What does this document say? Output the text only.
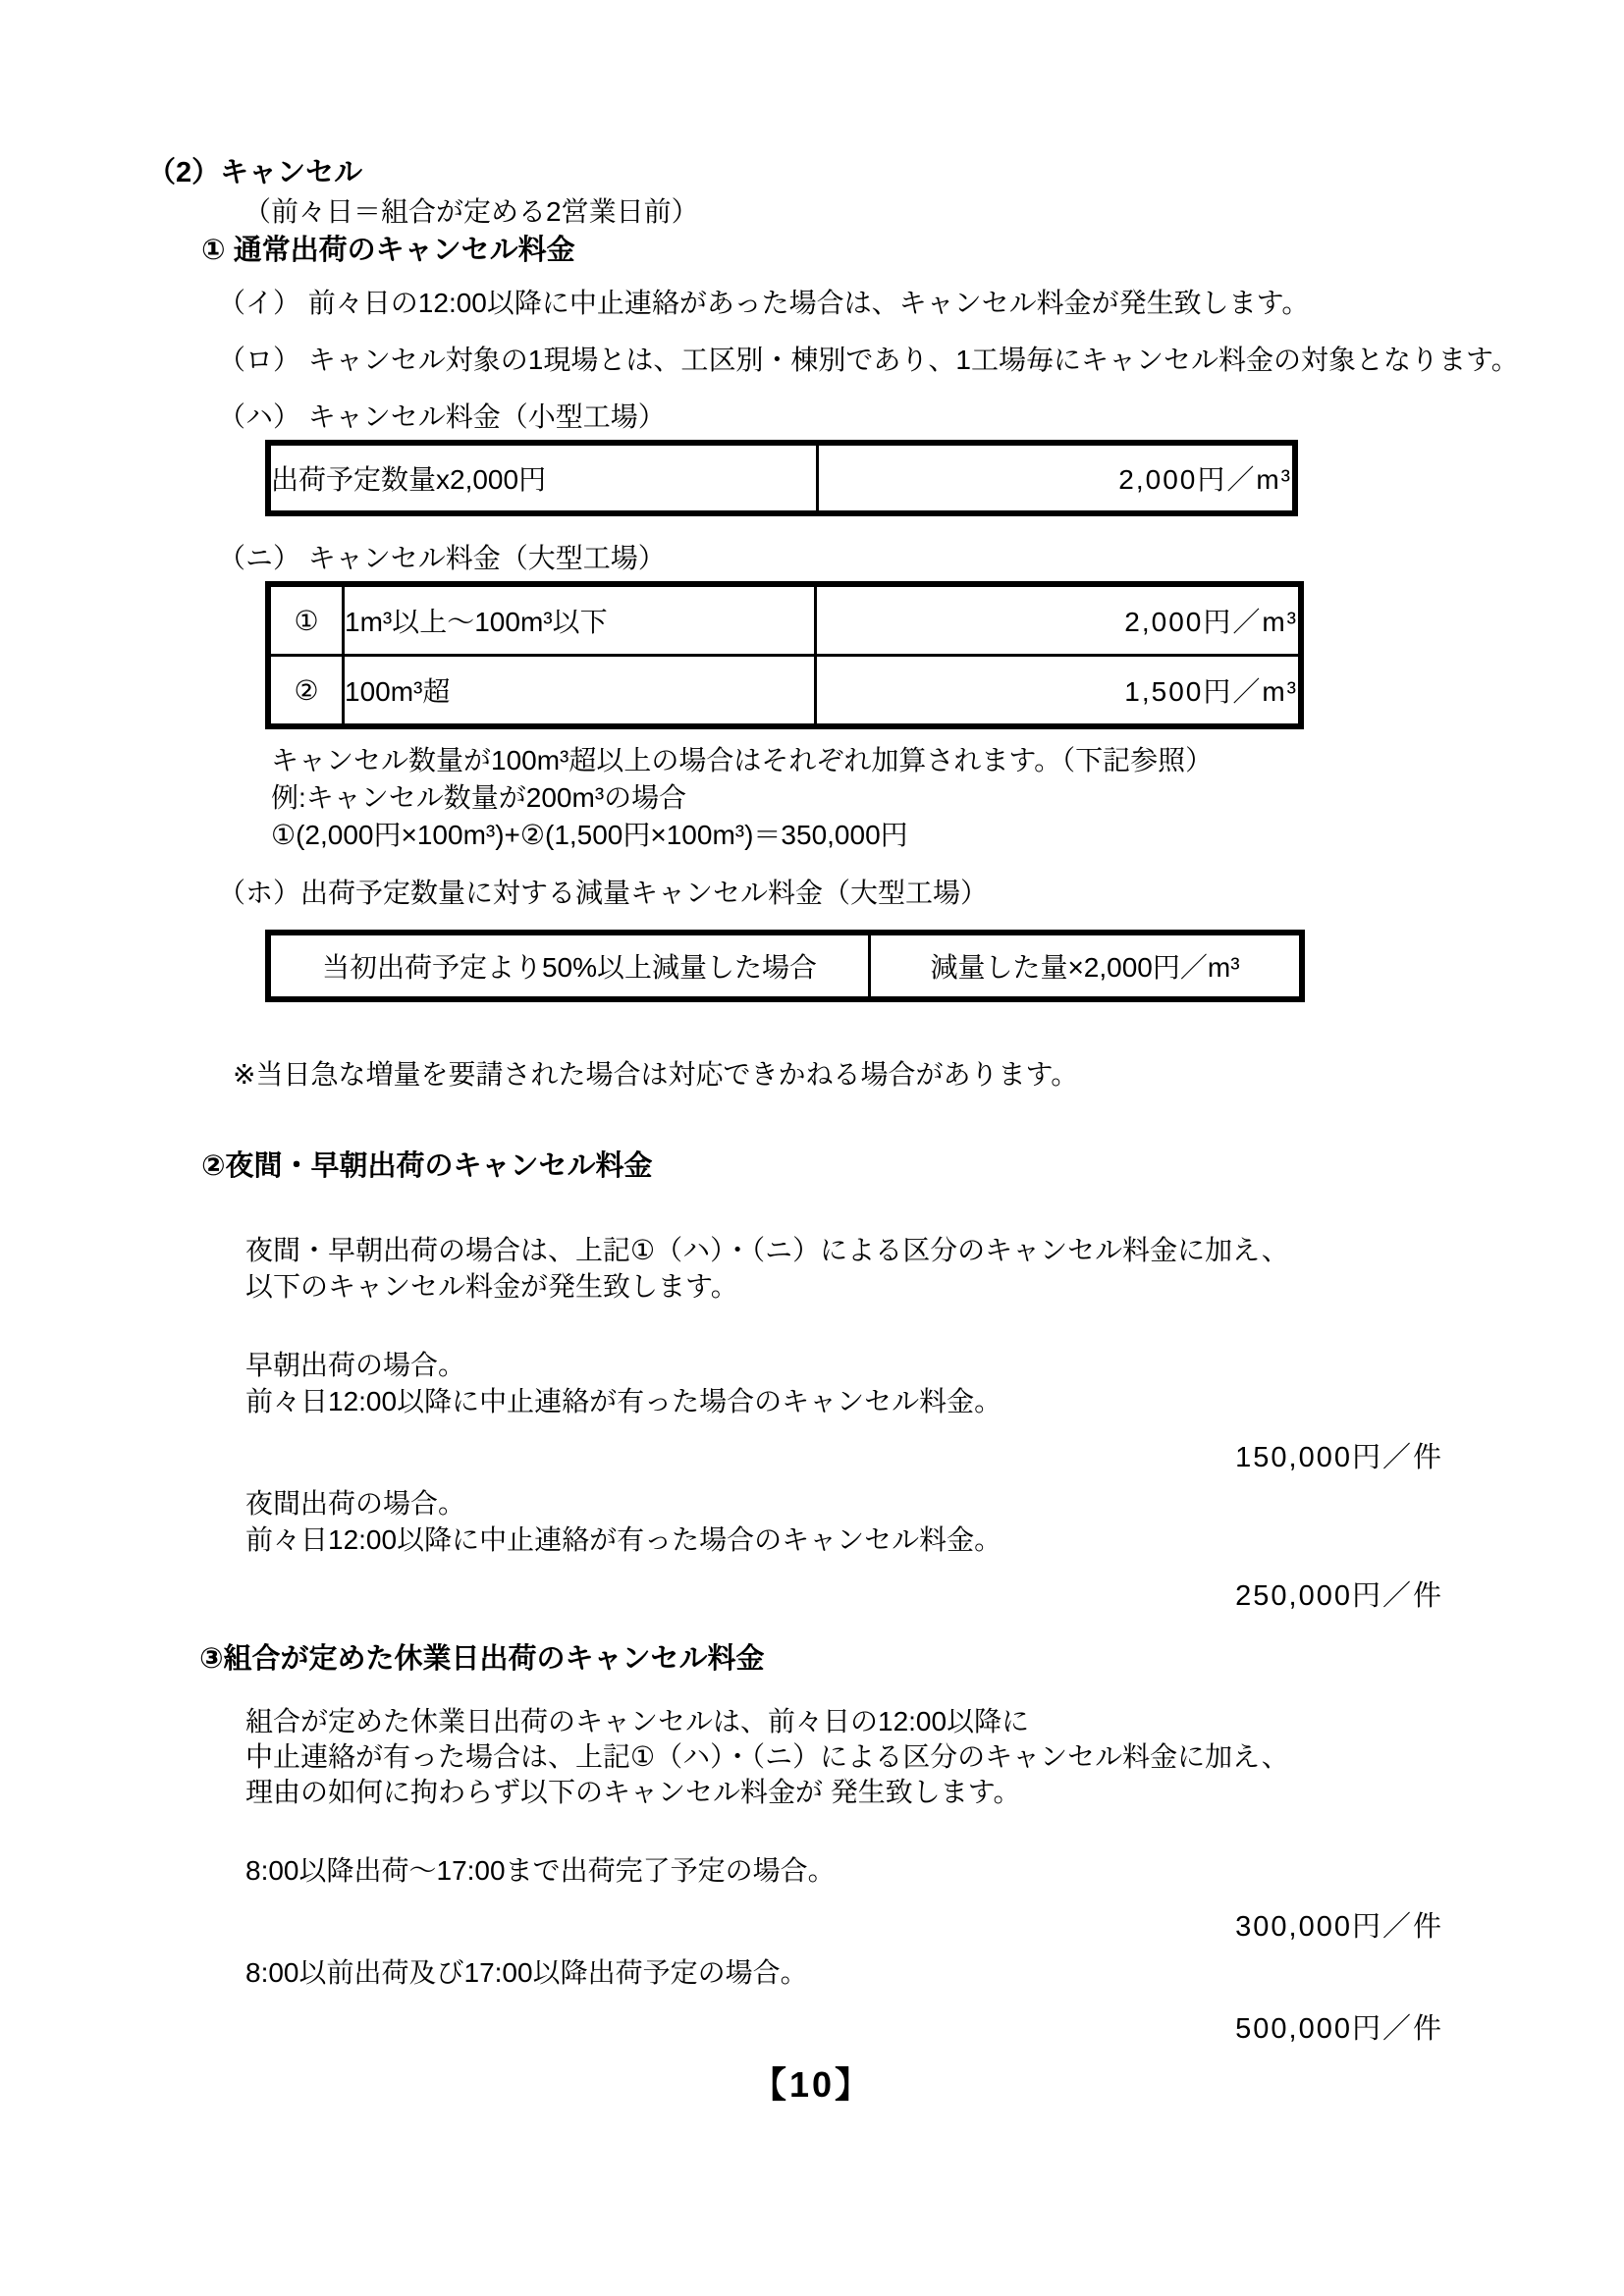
（2）キャンセル
（前々日＝組合が定める2営業日前）
① 通常出荷のキャンセル料金
（イ） 前々日の12:00以降に中止連絡があった場合は、キャンセル料金が発生致します。
（ロ） キャンセル対象の1現場とは、工区別・棟別であり、1工場毎にキャンセル料金の対象となります。
（ハ） キャンセル料金（小型工場）
出荷予定数量x2,000円	2,000円／m³
（ニ） キャンセル料金（大型工場）
①	1m³以上～100m³以下	2,000円／m³
②	100m³超	1,500円／m³
キャンセル数量が100m³超以上の場合はそれぞれ加算されます。（下記参照）
例:キャンセル数量が200m³の場合
①(2,000円×100m³)+②(1,500円×100m³)＝350,000円
（ホ）出荷予定数量に対する減量キャンセル料金（大型工場）
当初出荷予定より50%以上減量した場合	減量した量×2,000円／m³
※当日急な増量を要請された場合は対応できかねる場合があります。
②夜間・早朝出荷のキャンセル料金
夜間・早朝出荷の場合は、上記①（ハ）・（ニ）による区分のキャンセル料金に加え、
以下のキャンセル料金が発生致します。
早朝出荷の場合。
前々日12:00以降に中止連絡が有った場合のキャンセル料金。
150,000円／件
夜間出荷の場合。
前々日12:00以降に中止連絡が有った場合のキャンセル料金。
250,000円／件
③組合が定めた休業日出荷のキャンセル料金
組合が定めた休業日出荷のキャンセルは、前々日の12:00以降に
中止連絡が有った場合は、上記①（ハ）・（ニ）による区分のキャンセル料金に加え、
理由の如何に拘わらず以下のキャンセル料金が 発生致します。
8:00以降出荷～17:00まで出荷完了予定の場合。
300,000円／件
8:00以前出荷及び17:00以降出荷予定の場合。
500,000円／件
【10】
